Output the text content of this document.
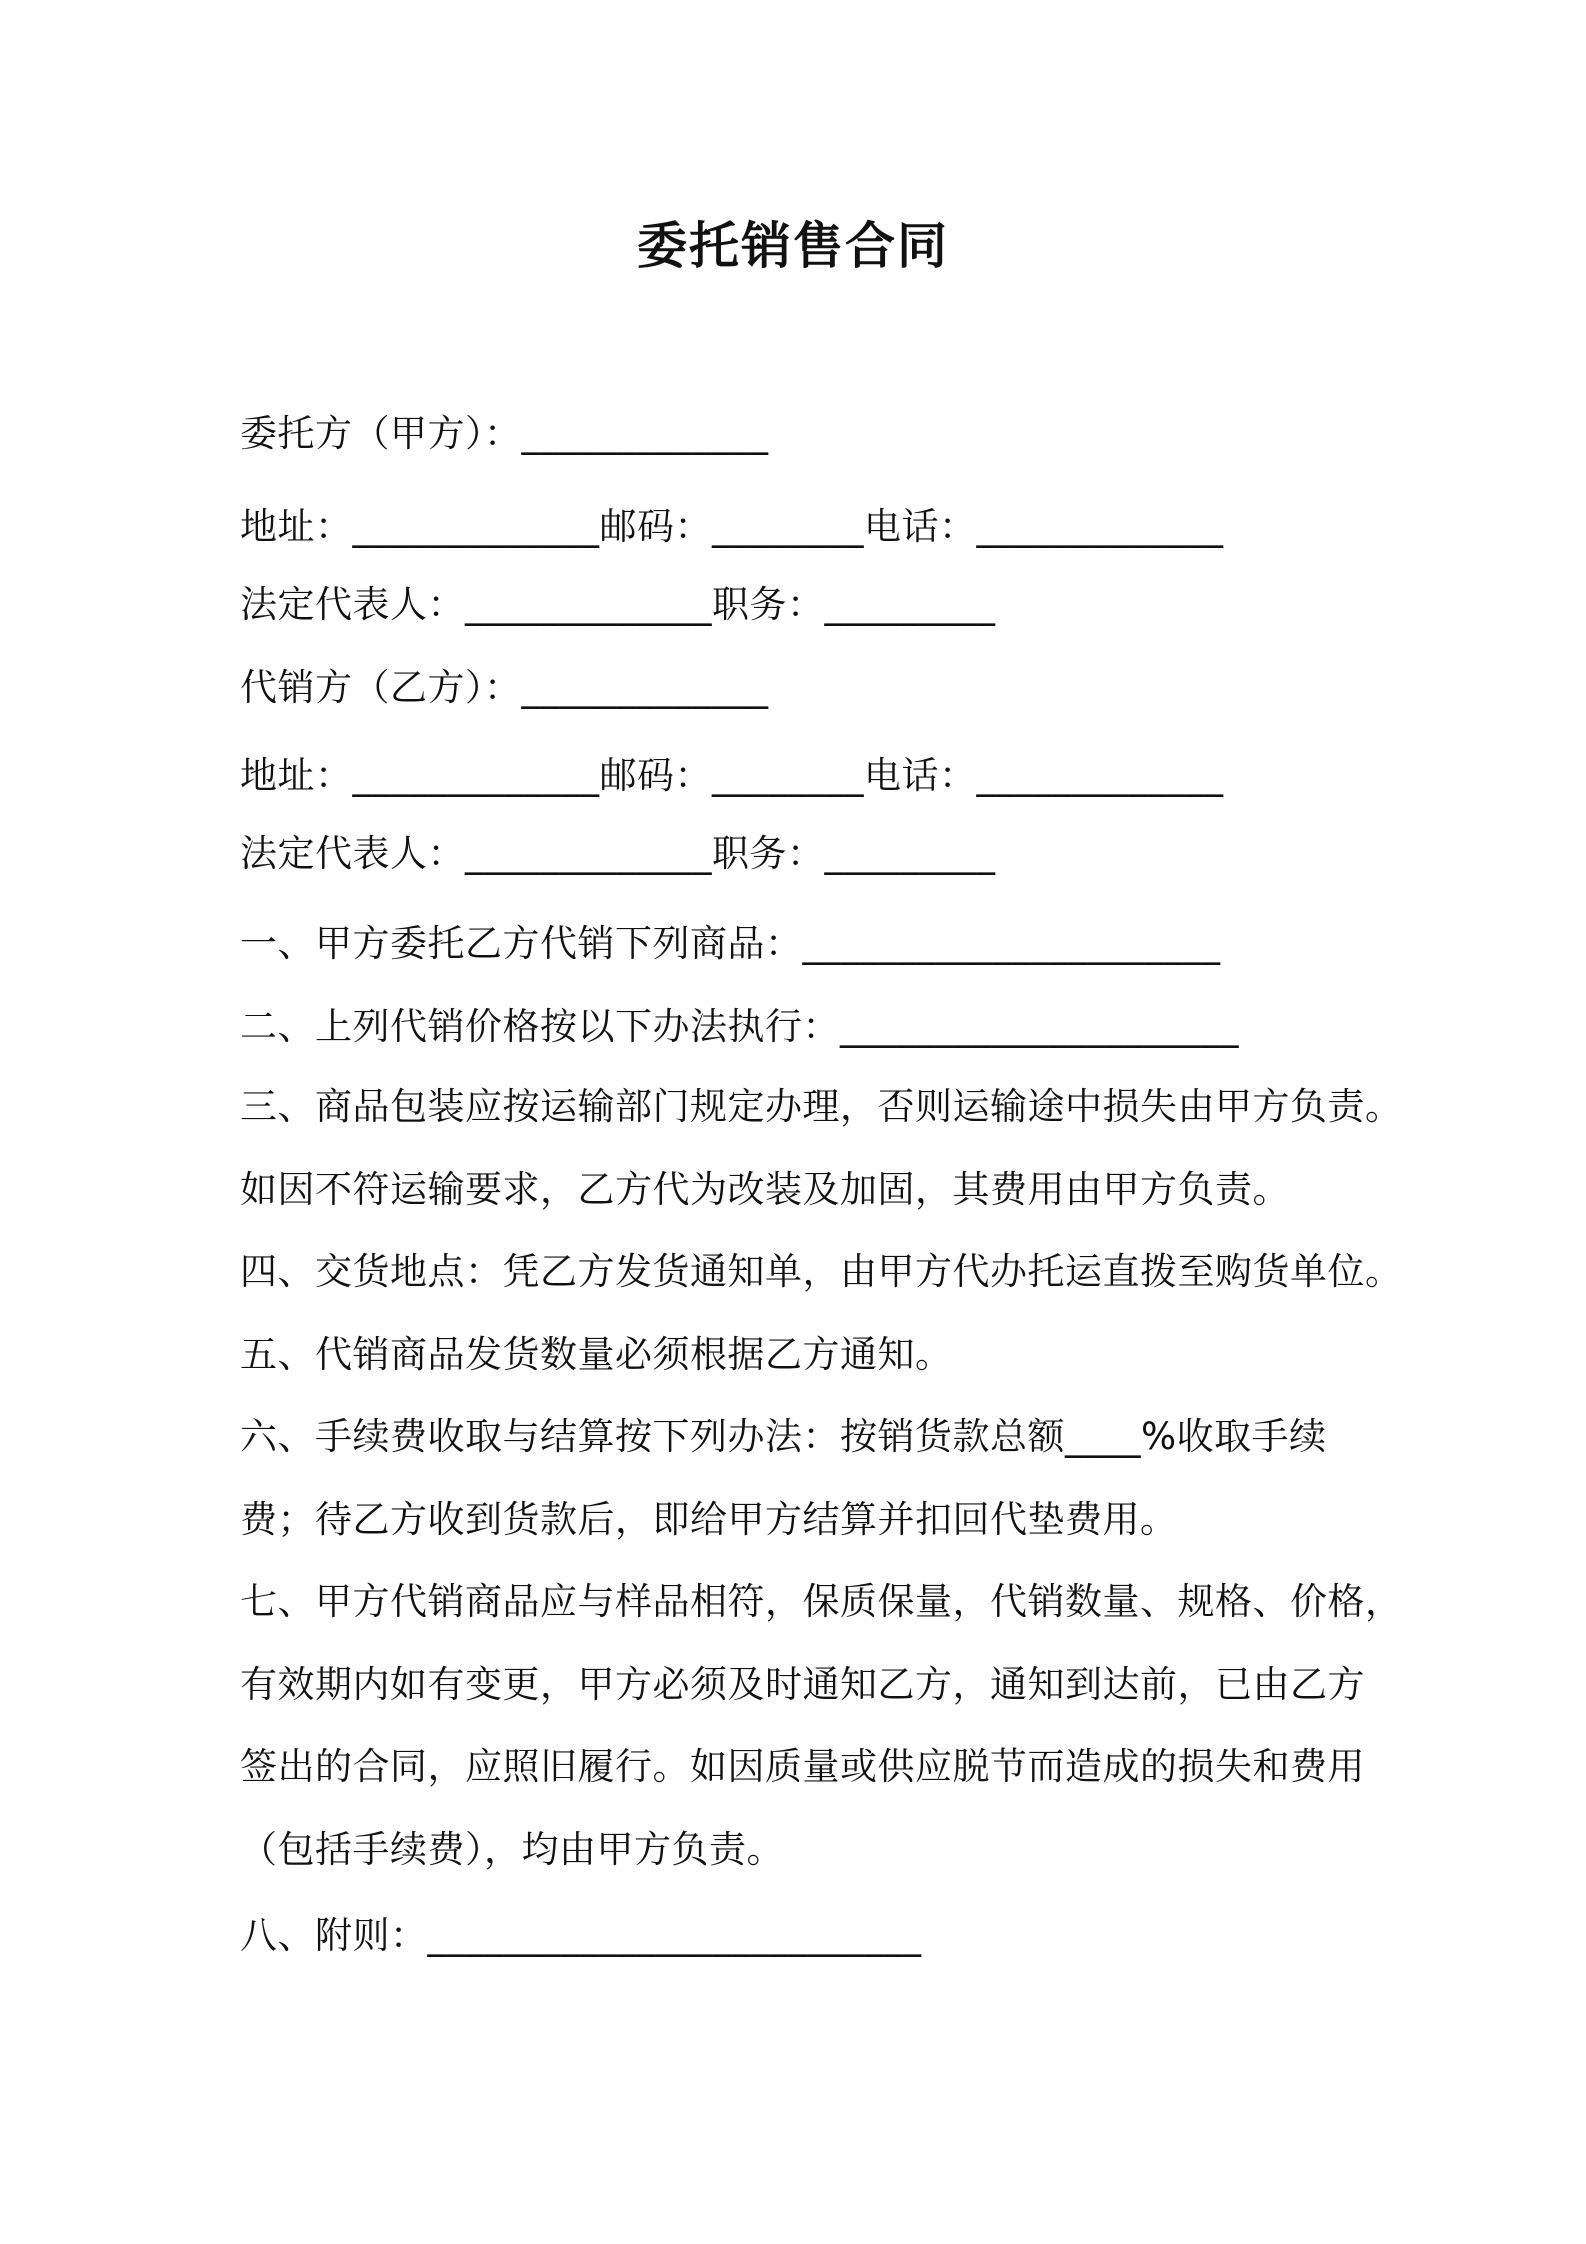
委托销售合同
委托方（甲方）：_____________
地址：_____________邮码：________电话：_____________
法定代表人：_____________职务：_________
代销方（乙方）：_____________
地址：_____________邮码：________电话：_____________
法定代表人：_____________职务：_________
一、甲方委托乙方代销下列商品：______________________
二、上列代销价格按以下办法执行：_____________________
三、商品包装应按运输部门规定办理，否则运输途中损失由甲方负责。
如因不符运输要求，乙方代为改装及加固，其费用由甲方负责。
四、交货地点：凭乙方发货通知单，由甲方代办托运直拨至购货单位。
五、代销商品发货数量必须根据乙方通知。
六、手续费收取与结算按下列办法：按销货款总额____%收取手续
费；待乙方收到货款后，即给甲方结算并扣回代垫费用。
七、甲方代销商品应与样品相符，保质保量，代销数量、规格、价格，
有效期内如有变更，甲方必须及时通知乙方，通知到达前，已由乙方
签出的合同，应照旧履行。如因质量或供应脱节而造成的损失和费用
（包括手续费），均由甲方负责。
八、附则：__________________________
